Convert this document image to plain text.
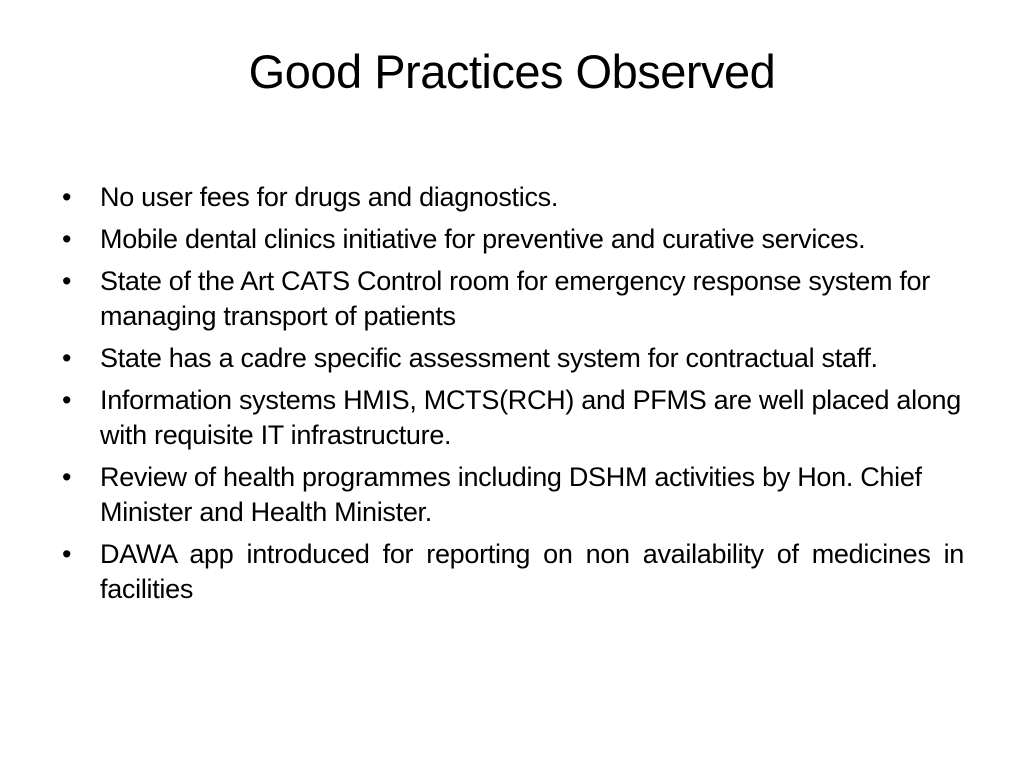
Good Practices Observed
•	No user fees for drugs and diagnostics.
•	Mobile dental clinics initiative for preventive and curative services.
•	State of the Art CATS Control room for emergency response system for managing transport of patients
•	State has a cadre specific assessment system for contractual staff.
•	Information systems HMIS, MCTS(RCH) and PFMS are well placed along with requisite IT infrastructure.
•	Review of health programmes including DSHM activities by Hon. Chief Minister and Health Minister.
•	DAWA app introduced for reporting on non availability of medicines in facilities
